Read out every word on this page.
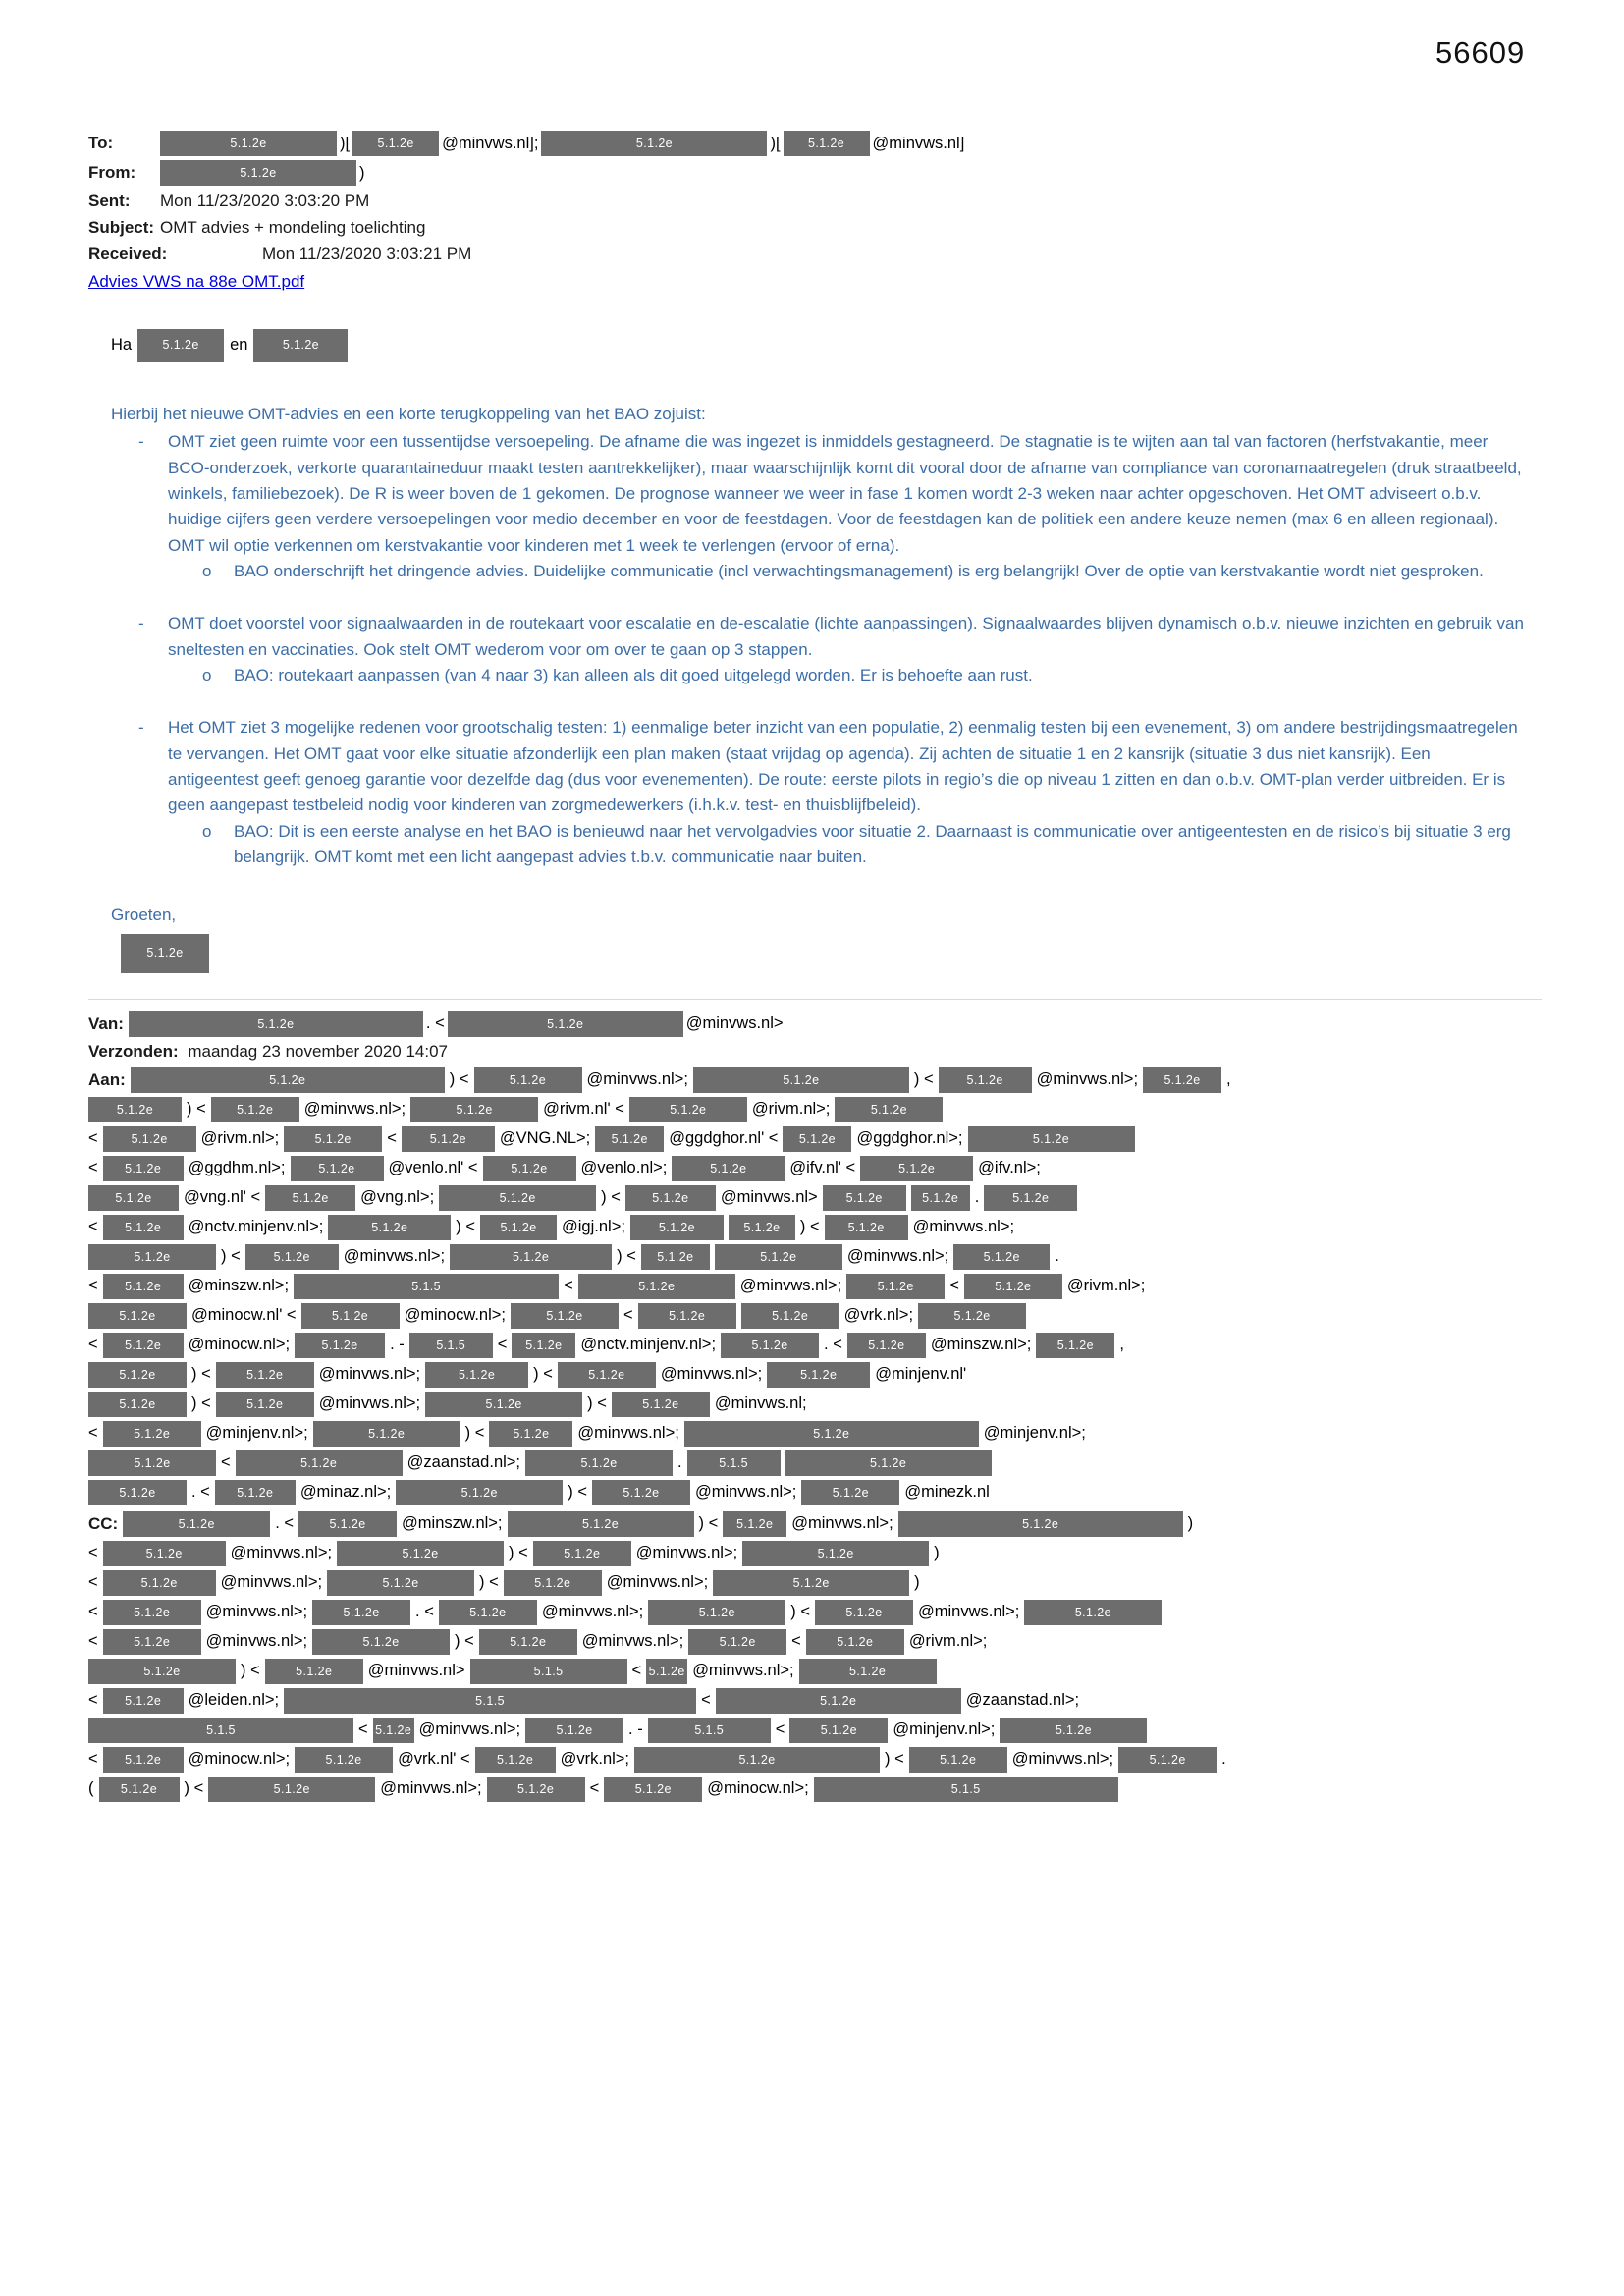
56609
To:	5.1.2e	)[	5.1.2e	@minvws.nl];	5.1.2e	)[	5.1.2e	@minvws.nl]
From:	5.1.2e	)
Sent:	Mon 11/23/2020 3:03:20 PM
Subject: OMT advies + mondeling toelichting
Received:	Mon 11/23/2020 3:03:21 PM
Advies VWS na 88e OMT.pdf
Ha	5.1.2e	en	5.1.2e
Hierbij het nieuwe OMT-advies en een korte terugkoppeling van het BAO zojuist:
-	OMT ziet geen ruimte voor een tussentijdse versoepeling. De afname die was ingezet is inmiddels gestagneerd. De stagnatie is te wijten aan tal van factoren (herfstvakantie, meer BCO-onderzoek, verkorte quarantaineduur maakt testen aantrekkelijker), maar waarschijnlijk komt dit vooral door de afname van compliance van coronamaatregelen (druk straatbeeld, winkels, familiebezoek). De R is weer boven de 1 gekomen. De prognose wanneer we weer in fase 1 komen wordt 2-3 weken naar achter opgeschoven. Het OMT adviseert o.b.v. huidige cijfers geen verdere versoepelingen voor medio december en voor de feestdagen. Voor de feestdagen kan de politiek een andere keuze nemen (max 6 en alleen regionaal). OMT wil optie verkennen om kerstvakantie voor kinderen met 1 week te verlengen (ervoor of erna).
o	BAO onderschrijft het dringende advies. Duidelijke communicatie (incl verwachtingsmanagement) is erg belangrijk! Over de optie van kerstvakantie wordt niet gesproken.
-	OMT doet voorstel voor signaalwaarden in de routekaart voor escalatie en de-escalatie (lichte aanpassingen). Signaalwaardes blijven dynamisch o.b.v. nieuwe inzichten en gebruik van sneltesten en vaccinaties. Ook stelt OMT wederom voor om over te gaan op 3 stappen.
o	BAO: routekaart aanpassen (van 4 naar 3) kan alleen als dit goed uitgelegd worden. Er is behoefte aan rust.
-	Het OMT ziet 3 mogelijke redenen voor grootschalig testen: 1) eenmalige beter inzicht van een populatie, 2) eenmalig testen bij een evenement, 3) om andere bestrijdingsmaatregelen te vervangen. Het OMT gaat voor elke situatie afzonderlijk een plan maken (staat vrijdag op agenda). Zij achten de situatie 1 en 2 kansrijk (situatie 3 dus niet kansrijk). Een antigeentest geeft genoeg garantie voor dezelfde dag (dus voor evenementen). De route: eerste pilots in regio’s die op niveau 1 zitten en dan o.b.v. OMT-plan verder uitbreiden. Er is geen aangepast testbeleid nodig voor kinderen van zorgmedewerkers (i.h.k.v. test- en thuisblijfbeleid).
o	BAO: Dit is een eerste analyse en het BAO is benieuwd naar het vervolgadvies voor situatie 2. Daarnaast is communicatie over antigeentesten en de risico’s bij situatie 3 erg belangrijk. OMT komt met een licht aangepast advies t.b.v. communicatie naar buiten.
Groeten,
5.1.2e
Van:	5.1.2e	. <	5.1.2e	@minvws.nl>
Verzonden: maandag 23 november 2020 14:07
Aan:	5.1.2e	) <	5.1.2e	@minvws.nl>;	5.1.2e	) <	5.1.2e	@minvws.nl>;	5.1.2e	,
5.1.2e	) <	5.1.2e	@minvws.nl>;	5.1.2e	@rivm.nl' <	5.1.2e	@rivm.nl>;	5.1.2e
<	5.1.2e	@rivm.nl>;	5.1.2e	<	5.1.2e	@VNG.NL>;	5.1.2e	@ggdghor.nl' <	5.1.2e	@ggdghor.nl>;	5.1.2e
<	5.1.2e	@ggdhm.nl>;	5.1.2e	@venlo.nl' <	5.1.2e	@venlo.nl>;	5.1.2e	@ifv.nl' <	5.1.2e	@ifv.nl>;
5.1.2e	@vng.nl' <	5.1.2e	@vng.nl>;	5.1.2e	) <	5.1.2e	@minvws.nl>	5.1.2e	5.1.2e .	5.1.2e
<	5.1.2e	@nctv.minjenv.nl>;	5.1.2e	) <	5.1.2e	@igj.nl>;	5.1.2e	5.1.2e	) <	5.1.2e	@minvws.nl>;
5.1.2e	) <	5.1.2e	@minvws.nl>;	5.1.2e	) <	5.1.2e	5.1.2e	@minvws.nl>;	5.1.2e	.
<	5.1.2e	@minszw.nl>;	5.1.5	<	5.1.2e	@minvws.nl>;	5.1.2e	<	5.1.2e	@rivm.nl>;
5.1.2e	@minocw.nl' <	5.1.2e	@minocw.nl>;	5.1.2e	<	5.1.2e	5.1.2e	@vrk.nl>;	5.1.2e
<	5.1.2e	@minocw.nl>;	5.1.2e	. -	5.1.5	<	5.1.2e	@nctv.minjenv.nl>;	5.1.2e	. <	5.1.2e	@minszw.nl>;	5.1.2e	,
5.1.2e	) <	5.1.2e	@minvws.nl>;	5.1.2e	) <	5.1.2e	@minvws.nl>;	5.1.2e	@minjenv.nl'
5.1.2e	) <	5.1.2e	@minvws.nl>;	5.1.2e	) <	5.1.2e	@minvws.nl;
<	5.1.2e	@minjenv.nl>;	5.1.2e	) <	5.1.2e	@minvws.nl>;	5.1.2e	@minjenv.nl>;
5.1.2e	<	5.1.2e	@zaanstad.nl>;	5.1.2e	.	5.1.5	5.1.2e
5.1.2e	. <	5.1.2e	@minaz.nl>;	5.1.2e	) <	5.1.2e	@minvws.nl>;	5.1.2e	@minezk.nl
CC:	5.1.2e	. <	5.1.2e	@minszw.nl>;	5.1.2e	) <	5.1.2e	@minvws.nl>;	5.1.2e	)
<	5.1.2e	@minvws.nl>;	5.1.2e	) <	5.1.2e	@minvws.nl>;	5.1.2e	)
<	5.1.2e	@minvws.nl>;	5.1.2e	) <	5.1.2e	@minvws.nl>;	5.1.2e	)
<	5.1.2e	@minvws.nl>;	5.1.2e	. <	5.1.2e	@minvws.nl>;	5.1.2e	) <	5.1.2e	@minvws.nl>;	5.1.2e
<	5.1.2e	@minvws.nl>;	5.1.2e	) <	5.1.2e	@minvws.nl>;	5.1.2e	<	5.1.2e	@rivm.nl>;
5.1.2e	) <	5.1.2e	@minvws.nl>	5.1.5	< 5.1.2e @minvws.nl>;	5.1.2e
<	5.1.2e	@leiden.nl>;	5.1.5	<	5.1.2e	@zaanstad.nl>;
5.1.5	< 5.1.2e @minvws.nl>;	5.1.2e	. -	5.1.5	<	5.1.2e	@minjenv.nl>;	5.1.2e
<	5.1.2e	@minocw.nl>;	5.1.2e	@vrk.nl' <	5.1.2e	@vrk.nl>;	5.1.2e	) <	5.1.2e	@minvws.nl>;	5.1.2e	.
(	5.1.2e	) <	5.1.2e	@minvws.nl>;	5.1.2e	<	5.1.2e	@minocw.nl>;	5.1.5
